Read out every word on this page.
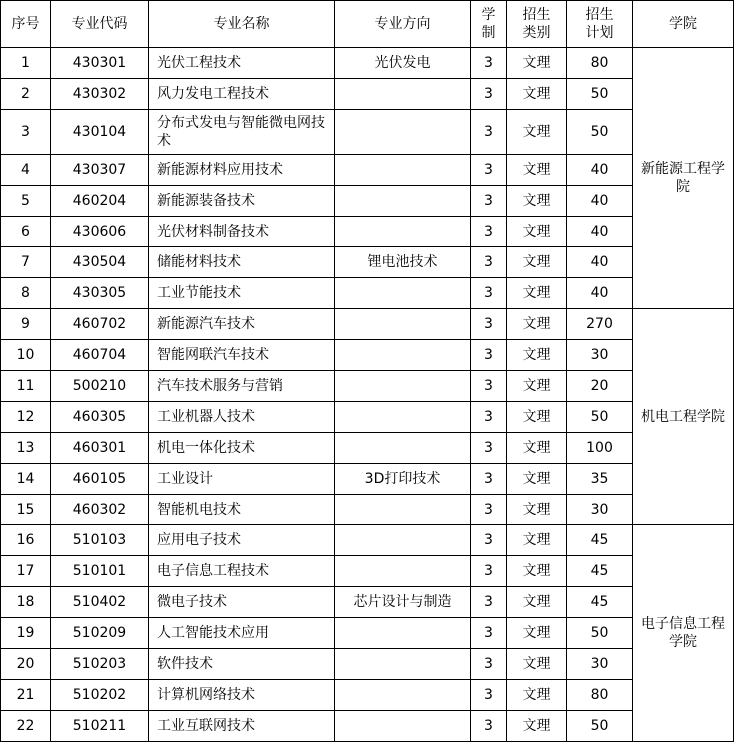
序号	专业代码	专业名称	专业方向	学制	招生类别	招生计划	学院
1	430301	光伏工程技术	光伏发电	3	文理	80	新能源工程学院
2	430302	风力发电工程技术		3	文理	50	
3	430104	分布式发电与智能微电网技术		3	文理	50	
4	430307	新能源材料应用技术		3	文理	40	
5	460204	新能源装备技术		3	文理	40	
6	430606	光伏材料制备技术		3	文理	40	
7	430504	储能材料技术	锂电池技术	3	文理	40	
8	430305	工业节能技术		3	文理	40	
9	460702	新能源汽车技术		3	文理	270	机电工程学院
10	460704	智能网联汽车技术		3	文理	30	
11	500210	汽车技术服务与营销		3	文理	20	
12	460305	工业机器人技术		3	文理	50	
13	460301	机电一体化技术		3	文理	100	
14	460105	工业设计	3D打印技术	3	文理	35	
15	460302	智能机电技术		3	文理	30	
16	510103	应用电子技术		3	文理	45	电子信息工程学院
17	510101	电子信息工程技术		3	文理	45	
18	510402	微电子技术	芯片设计与制造	3	文理	45	
19	510209	人工智能技术应用		3	文理	50	
20	510203	软件技术		3	文理	30	
21	510202	计算机网络技术		3	文理	80	
22	510211	工业互联网技术		3	文理	50	
